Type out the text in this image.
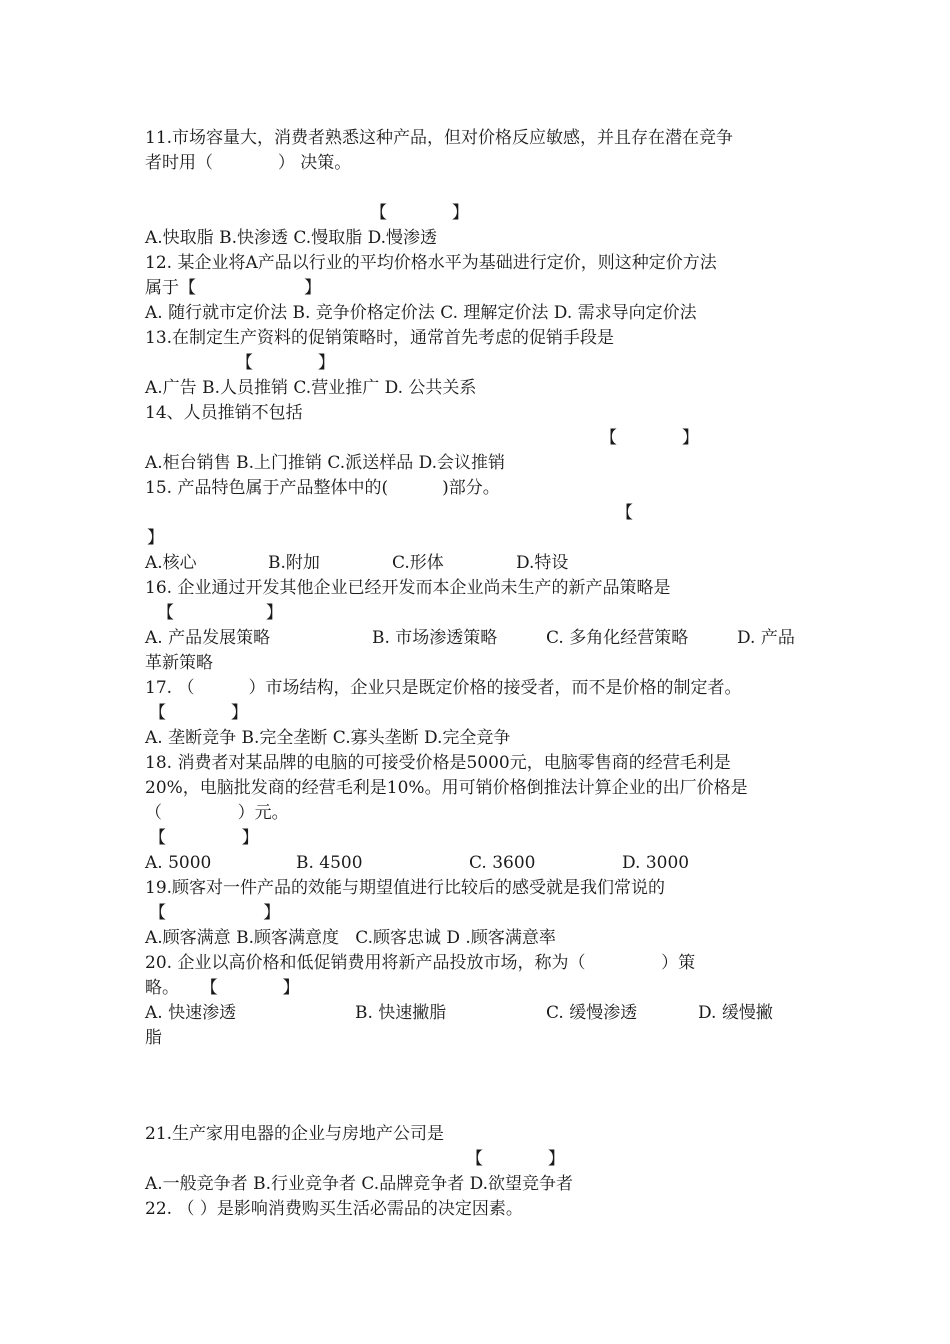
11.市场容量大，消费者熟悉这种产品，但对价格反应敏感，并且存在潜在竞争
者时用（            ） 决策。
【            】
A.快取脂 B.快渗透 C.慢取脂 D.慢渗透
12. 某企业将A产品以行业的平均价格水平为基础进行定价，则这种定价方法
属于【                    】
A. 随行就市定价法 B. 竞争价格定价法 C. 理解定价法 D. 需求导向定价法
13.在制定生产资料的促销策略时，通常首先考虑的促销手段是
【            】
A.广告 B.人员推销 C.营业推广 D. 公共关系
14、人员推销不包括
【            】
A.柜台销售 B.上门推销 C.派送样品 D.会议推销
15. 产品特色属于产品整体中的(          )部分。
【
】
A.核心	B.附加	C.形体	D.特设
16. 企业通过开发其他企业已经开发而本企业尚未生产的新产品策略是
【                 】
A. 产品发展策略	B. 市场渗透策略	C. 多角化经营策略	D. 产品
革新策略
17. （          ）市场结构，企业只是既定价格的接受者，而不是价格的制定者。
【            】
A. 垄断竞争 B.完全垄断 C.寡头垄断 D.完全竞争
18. 消费者对某品牌的电脑的可接受价格是5000元，电脑零售商的经营毛利是
20%，电脑批发商的经营毛利是10%。用可销价格倒推法计算企业的出厂价格是
（              ）元。
【              】
A. 5000	B. 4500	C. 3600	D. 3000
19.顾客对一件产品的效能与期望值进行比较后的感受就是我们常说的
【                  】
A.顾客满意 B.顾客满意度   C.顾客忠诚 D .顾客满意率
20. 企业以高价格和低促销费用将新产品投放市场，称为（              ）策
略。    【            】
A. 快速渗透	B. 快速撇脂	C. 缓慢渗透	D. 缓慢撇
脂
21.生产家用电器的企业与房地产公司是
【            】
A.一般竞争者 B.行业竞争者 C.品牌竞争者 D.欲望竞争者
22. （ ）是影响消费购买生活必需品的决定因素。
